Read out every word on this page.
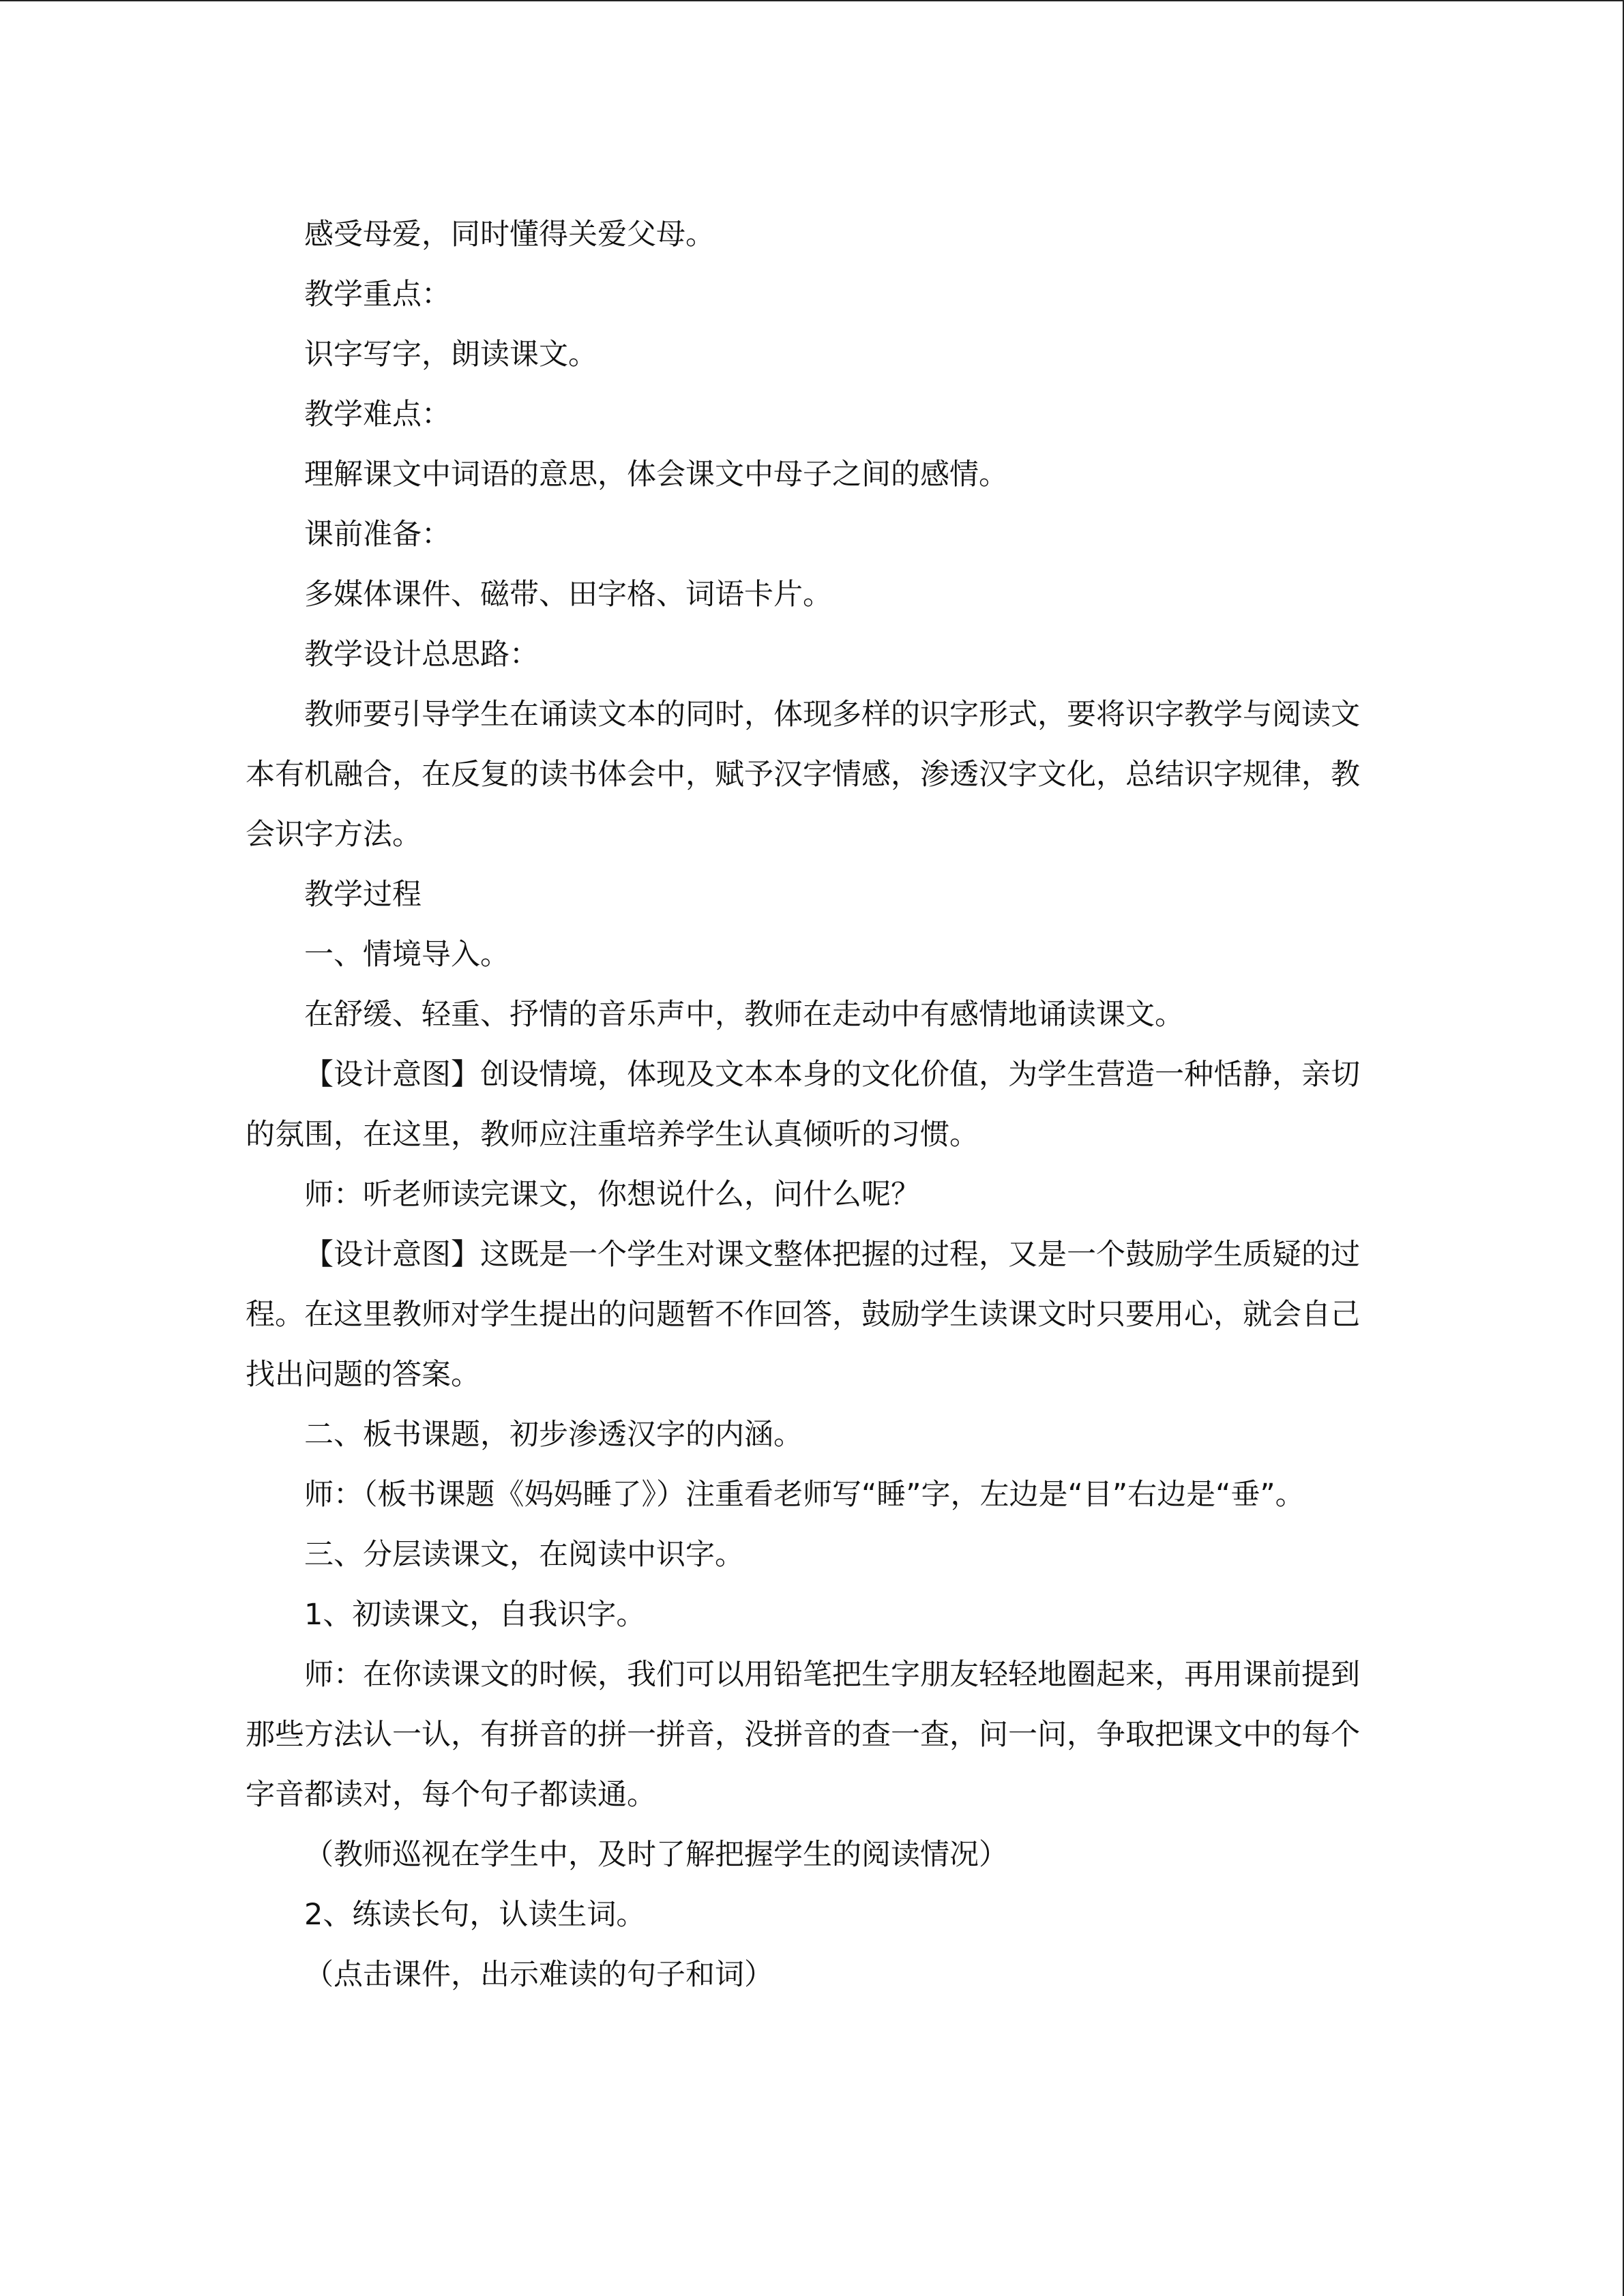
感受母爱，同时懂得关爱父母。

教学重点：

识字写字，朗读课文。

教学难点：

理解课文中词语的意思，体会课文中母子之间的感情。

课前准备：

多媒体课件、磁带、田字格、词语卡片。

教学设计总思路：

教师要引导学生在诵读文本的同时，体现多样的识字形式，要将识字教学与阅读文本有机融合，在反复的读书体会中，赋予汉字情感，渗透汉字文化，总结识字规律，教会识字方法。

教学过程

一、情境导入。

在舒缓、轻重、抒情的音乐声中，教师在走动中有感情地诵读课文。

【设计意图】创设情境，体现及文本本身的文化价值，为学生营造一种恬静，亲切的氛围，在这里，教师应注重培养学生认真倾听的习惯。

师：听老师读完课文，你想说什么，问什么呢？

【设计意图】这既是一个学生对课文整体把握的过程，又是一个鼓励学生质疑的过程。在这里教师对学生提出的问题暂不作回答，鼓励学生读课文时只要用心，就会自己找出问题的答案。

二、板书课题，初步渗透汉字的内涵。

师：（板书课题《妈妈睡了》）注重看老师写“睡”字，左边是“目”右边是“垂”。

三、分层读课文，在阅读中识字。

1、初读课文，自我识字。

师：在你读课文的时候，我们可以用铅笔把生字朋友轻轻地圈起来，再用课前提到那些方法认一认，有拼音的拼一拼音，没拼音的查一查，问一问，争取把课文中的每个字音都读对，每个句子都读通。

（教师巡视在学生中，及时了解把握学生的阅读情况）

2、练读长句，认读生词。

（点击课件，出示难读的句子和词）
